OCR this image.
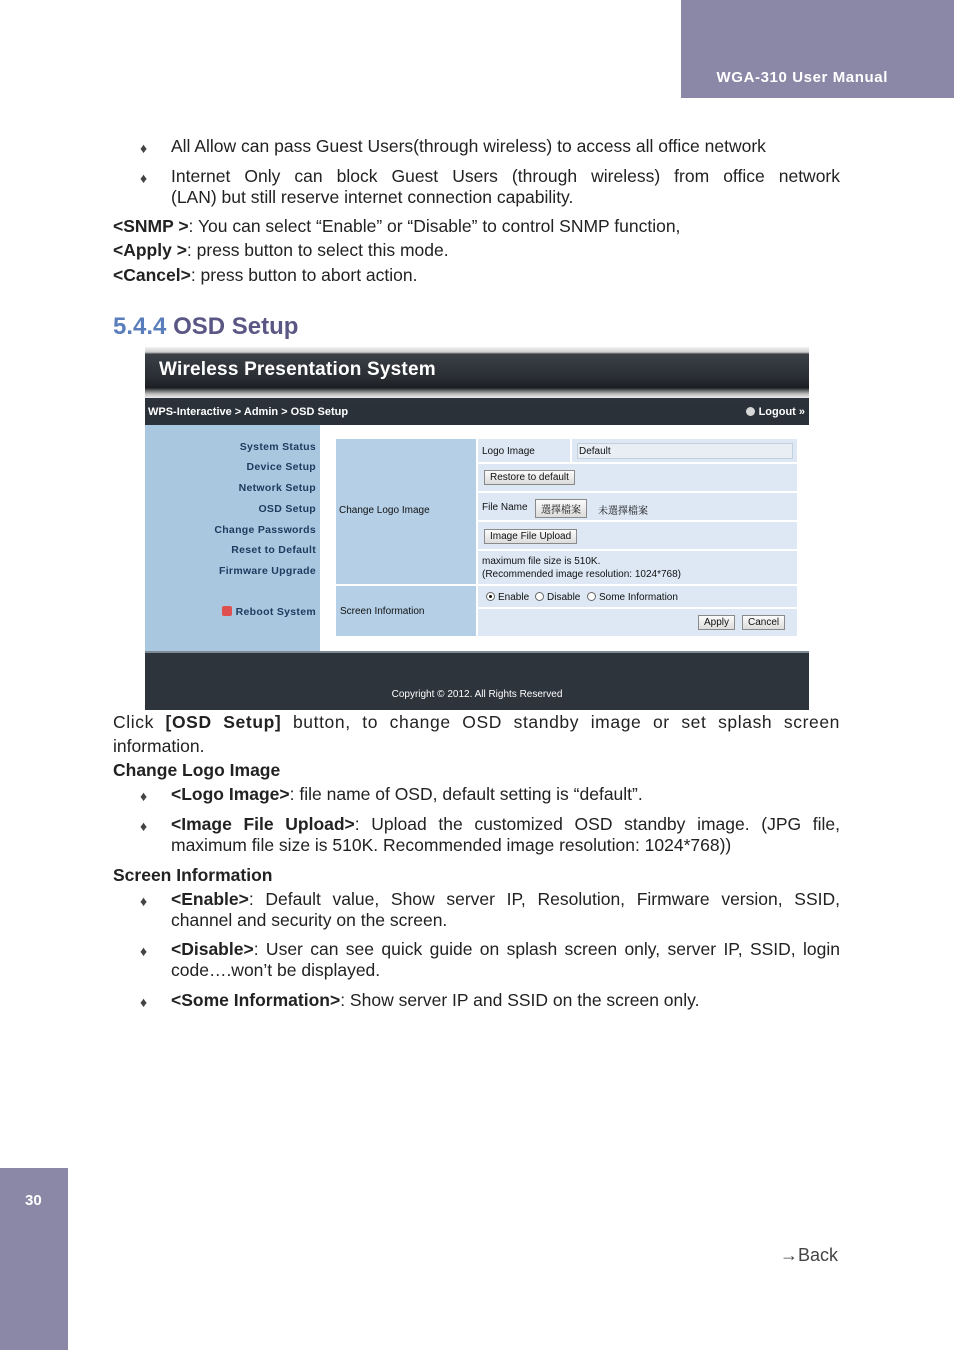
WGA-310 User Manual
♦ All Allow can pass Guest Users(through wireless) to access all office network
♦ Internet Only can block Guest Users (through wireless) from office network
(LAN) but still reserve internet connection capability.
<SNMP >: You can select “Enable” or “Disable” to control SNMP function,
<Apply >: press button to select this mode.
<Cancel>: press button to abort action.
5.4.4 OSD Setup
Wireless Presentation System
WPS-Interactive > Admin > OSD Setup	Logout »
System Status
Device Setup
Network Setup
OSD Setup
Change Passwords
Reset to Default
Firmware Upgrade
Reboot System
Change Logo Image
Screen Information
Logo Image	Default
Restore to default
File Name	選擇檔案	未選擇檔案
Image File Upload
maximum file size is 510K.
(Recommended image resolution: 1024*768)
Enable	Disable	Some Information
Apply	Cancel
Copyright © 2012. All Rights Reserved
Click [OSD Setup] button, to change OSD standby image or set splash screen
information.
Change Logo Image
♦ <Logo Image>: file name of OSD, default setting is “default”.
♦ <Image File Upload>: Upload the customized OSD standby image. (JPG file,
maximum file size is 510K. Recommended image resolution: 1024*768))
Screen Information
♦ <Enable>: Default value, Show server IP, Resolution, Firmware version, SSID,
channel and security on the screen.
♦ <Disable>: User can see quick guide on splash screen only, server IP, SSID, login
code….won’t be displayed.
♦ <Some Information>: Show server IP and SSID on the screen only.
30
→Back
